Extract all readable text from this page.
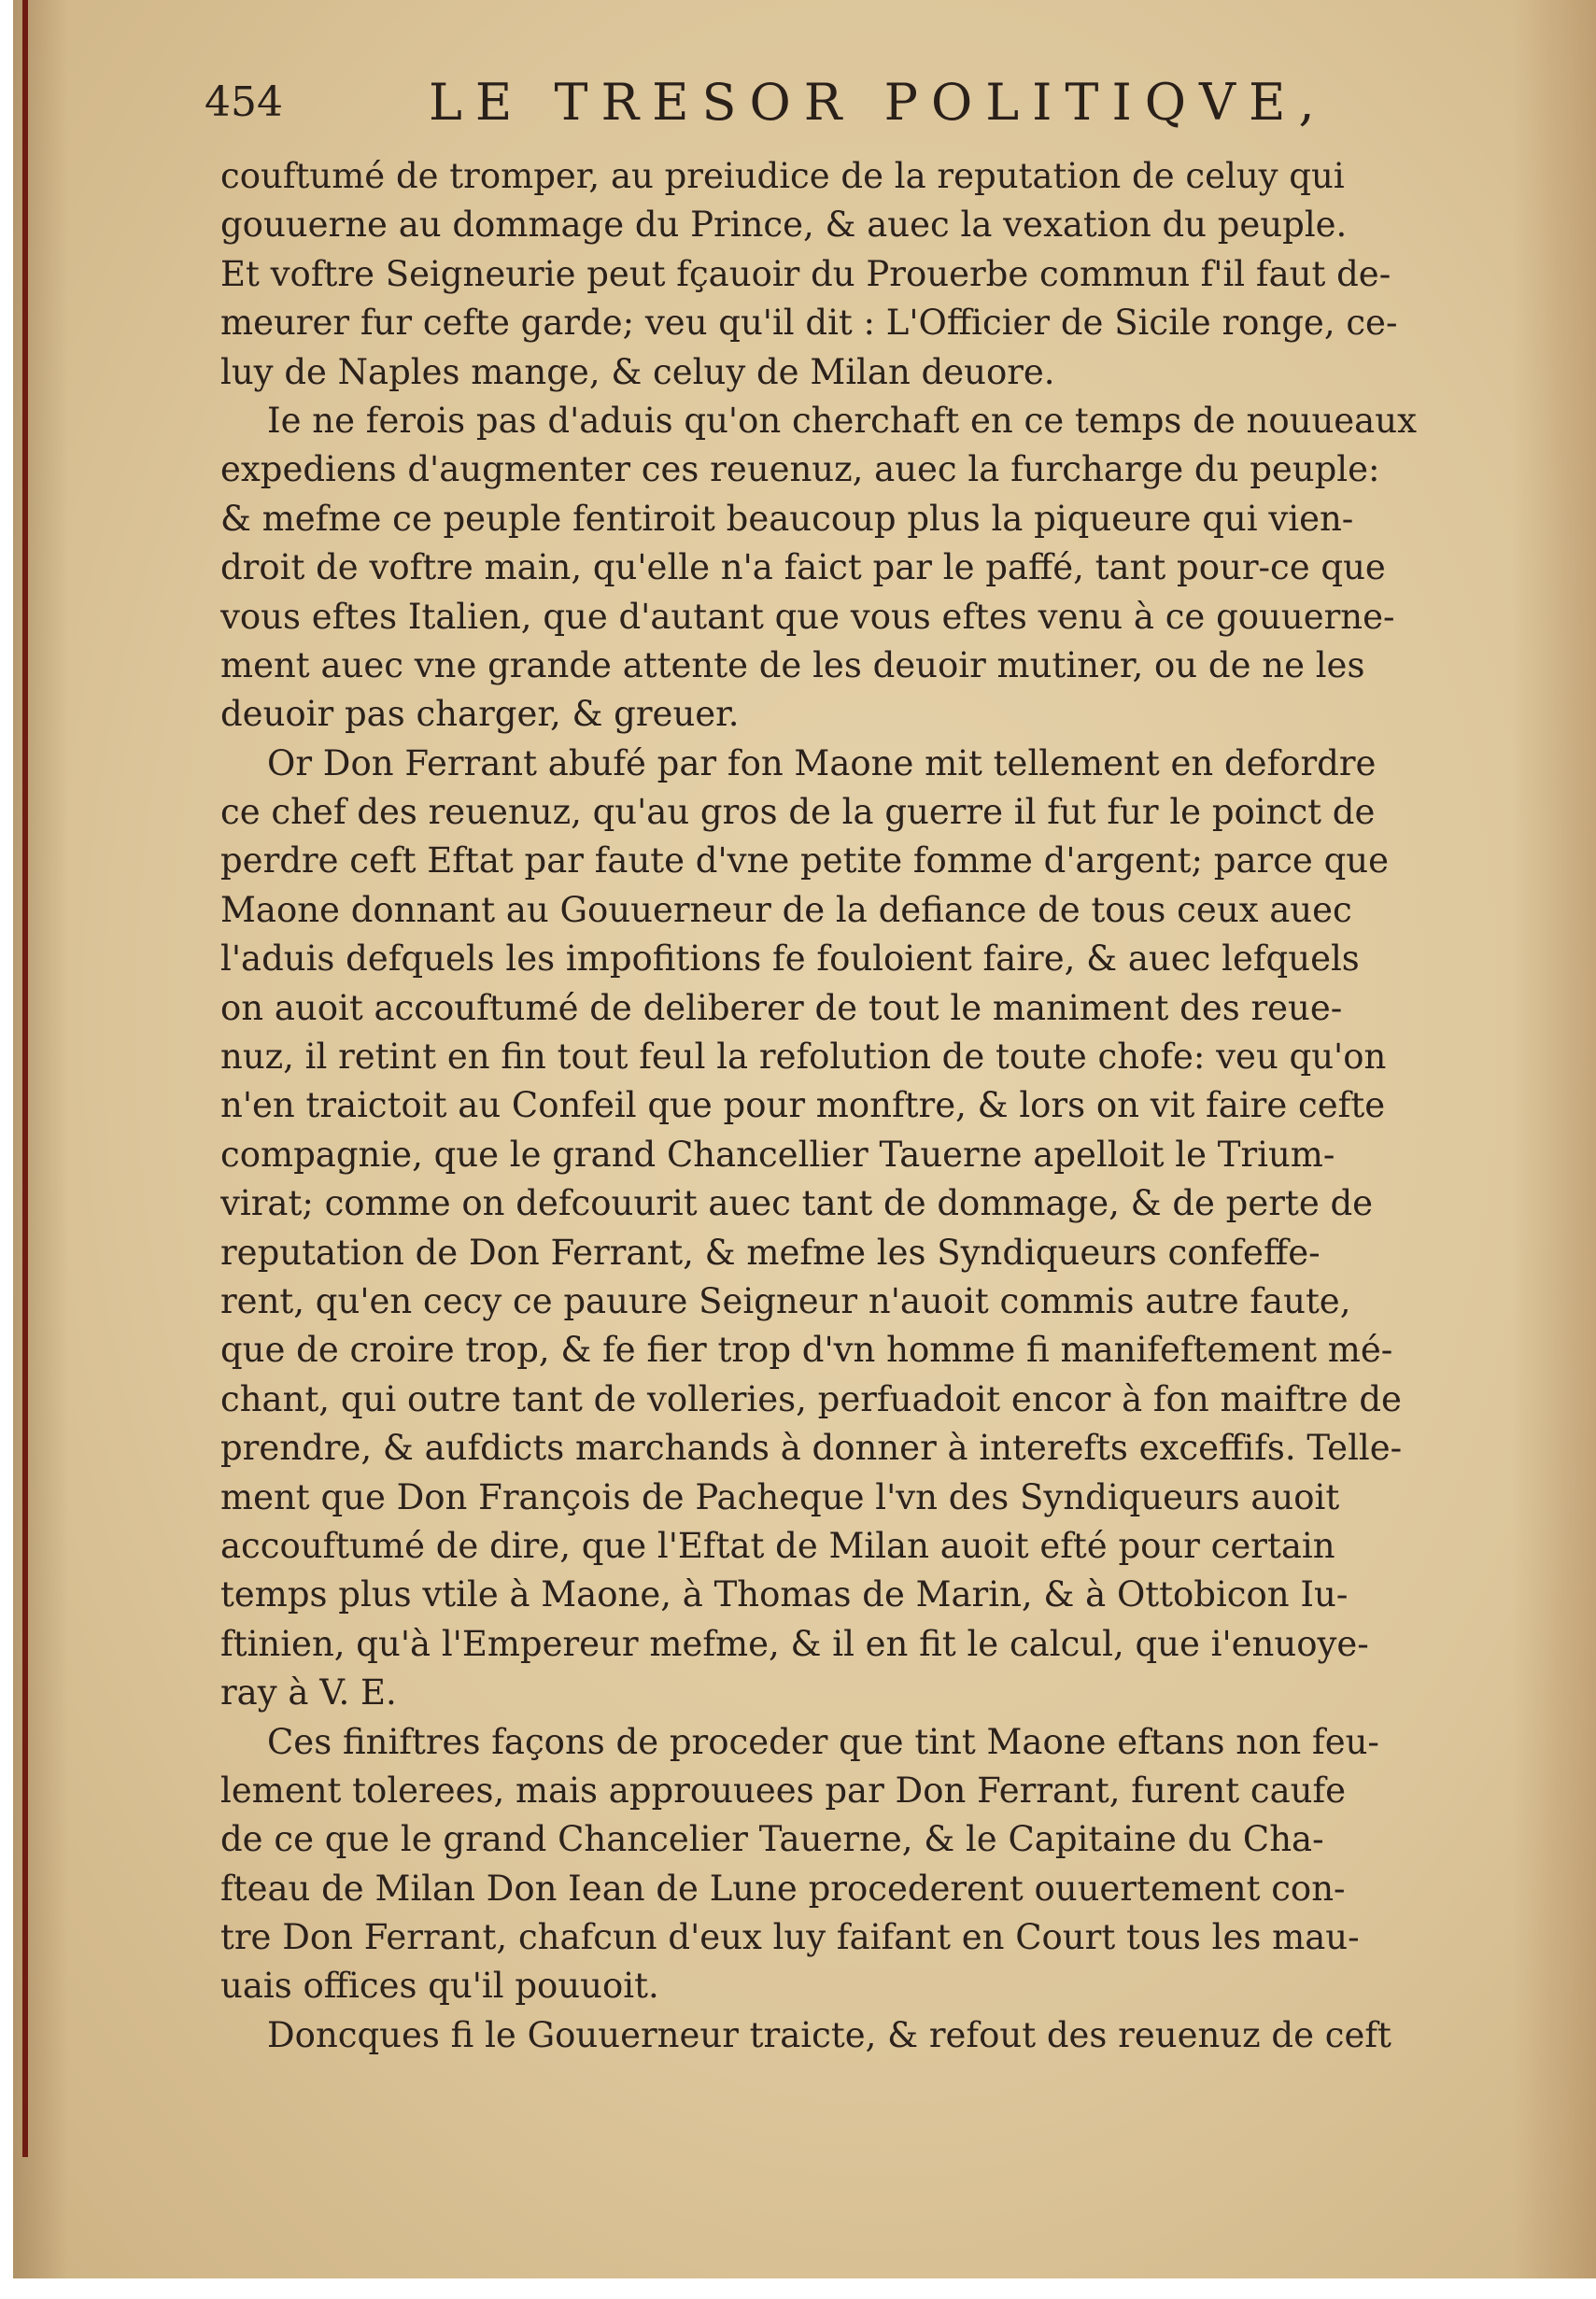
454	LE TRESOR POLITIQVE,
couftumé de tromper, au preiudice de la reputation de celuy qui
gouuerne au dommage du Prince, & auec la vexation du peuple.
Et voftre Seigneurie peut fçauoir du Prouerbe commun f'il faut de-
meurer fur cefte garde; veu qu'il dit : L'Officier de Sicile ronge, ce-
luy de Naples mange, & celuy de Milan deuore.
Ie ne ferois pas d'aduis qu'on cherchaft en ce temps de nouueaux
expediens d'augmenter ces reuenuz, auec la furcharge du peuple:
& mefme ce peuple fentiroit beaucoup plus la piqueure qui vien-
droit de voftre main, qu'elle n'a faict par le paffé, tant pour-ce que
vous eftes Italien, que d'autant que vous eftes venu à ce gouuerne-
ment auec vne grande attente de les deuoir mutiner, ou de ne les
deuoir pas charger, & greuer.
Or Don Ferrant abufé par fon Maone mit tellement en defordre
ce chef des reuenuz, qu'au gros de la guerre il fut fur le poinct de
perdre ceft Eftat par faute d'vne petite fomme d'argent; parce que
Maone donnant au Gouuerneur de la defiance de tous ceux auec
l'aduis defquels les impofitions fe fouloient faire, & auec lefquels
on auoit accouftumé de deliberer de tout le maniment des reue-
nuz, il retint en fin tout feul la refolution de toute chofe: veu qu'on
n'en traictoit au Confeil que pour monftre, & lors on vit faire cefte
compagnie, que le grand Chancellier Tauerne apelloit le Trium-
virat; comme on defcouurit auec tant de dommage, & de perte de
reputation de Don Ferrant, & mefme les Syndiqueurs confeffe-
rent, qu'en cecy ce pauure Seigneur n'auoit commis autre faute,
que de croire trop, & fe fier trop d'vn homme fi manifeftement mé-
chant, qui outre tant de volleries, perfuadoit encor à fon maiftre de
prendre, & aufdicts marchands à donner à interefts exceffifs. Telle-
ment que Don François de Pacheque l'vn des Syndiqueurs auoit
accouftumé de dire, que l'Eftat de Milan auoit efté pour certain
temps plus vtile à Maone, à Thomas de Marin, & à Ottobicon Iu-
ftinien, qu'à l'Empereur mefme, & il en fit le calcul, que i'enuoye-
ray à V. E.
Ces finiftres façons de proceder que tint Maone eftans non feu-
lement tolerees, mais approuuees par Don Ferrant, furent caufe
de ce que le grand Chancelier Tauerne, & le Capitaine du Cha-
fteau de Milan Don Iean de Lune procederent ouuertement con-
tre Don Ferrant, chafcun d'eux luy faifant en Court tous les mau-
uais offices qu'il pouuoit.
Doncques fi le Gouuerneur traicte, & refout des reuenuz de ceft
